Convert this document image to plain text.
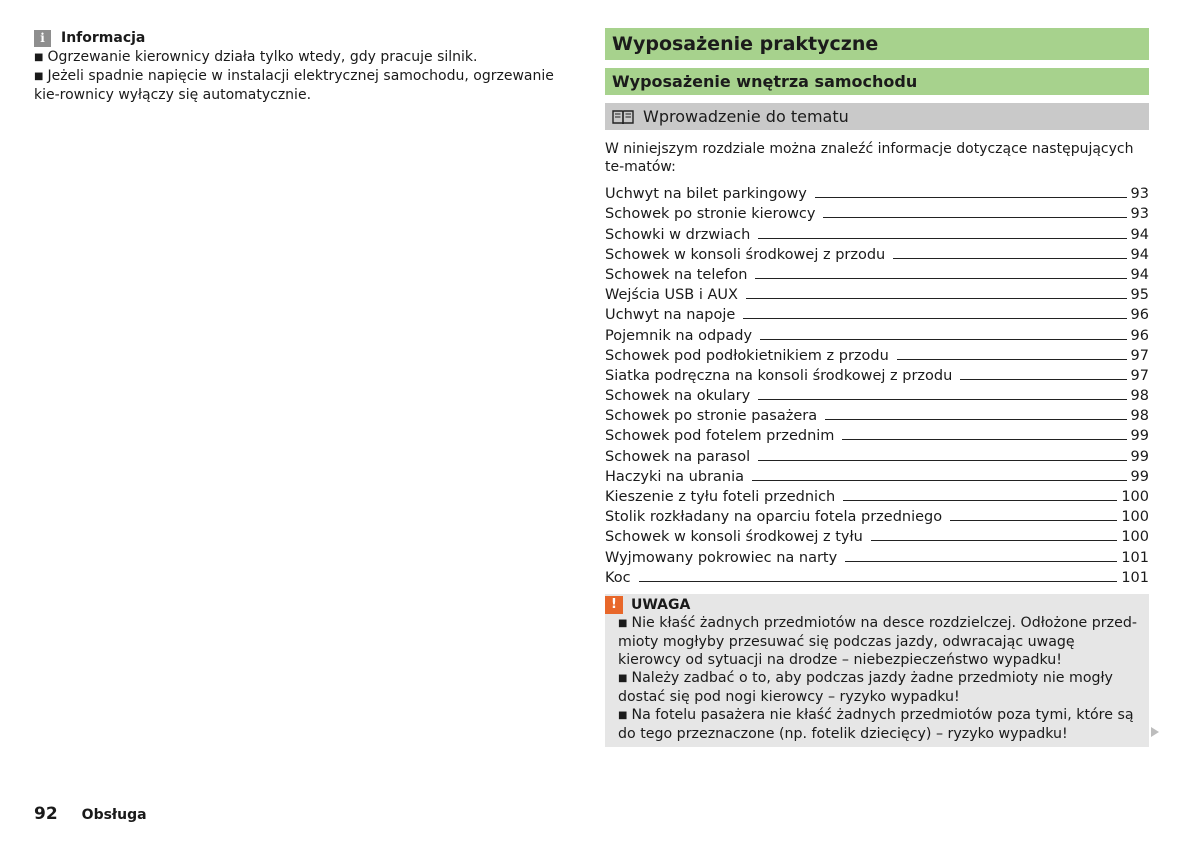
i	Informacja

■ Ogrzewanie kierownicy działa tylko wtedy, gdy pracuje silnik.

■ Jeżeli spadnie napięcie w instalacji elektrycznej samochodu, ogrzewanie kie-rownicy wyłączy się automatycznie.

Wyposażenie praktyczne
Wyposażenie wnętrza samochodu
Wprowadzenie do tematu

W niniejszym rozdziale można znaleźć informacje dotyczące następujących te-matów:

Uchwyt na bilet parkingowy	93
Schowek po stronie kierowcy	93
Schowki w drzwiach	94
Schowek w konsoli środkowej z przodu	94
Schowek na telefon	94
Wejścia USB i AUX	95
Uchwyt na napoje	96
Pojemnik na odpady	96
Schowek pod podłokietnikiem z przodu	97
Siatka podręczna na konsoli środkowej z przodu	97
Schowek na okulary	98
Schowek po stronie pasażera	98
Schowek pod fotelem przednim	99
Schowek na parasol	99
Haczyki na ubrania	99
Kieszenie z tyłu foteli przednich	100
Stolik rozkładany na oparciu fotela przedniego	100
Schowek w konsoli środkowej z tyłu	100
Wyjmowany pokrowiec na narty	101
Koc	101
!	UWAGA

■ Nie kłaść żadnych przedmiotów na desce rozdzielczej. Odłożone przed-mioty mogłyby przesuwać się podczas jazdy, odwracając uwagę kierowcy od sytuacji na drodze – niebezpieczeństwo wypadku!

■ Należy zadbać o to, aby podczas jazdy żadne przedmioty nie mogły dostać się pod nogi kierowcy – ryzyko wypadku!

■ Na fotelu pasażera nie kłaść żadnych przedmiotów poza tymi, które są do tego przeznaczone (np. fotelik dziecięcy) – ryzyko wypadku!

92 Obsługa
